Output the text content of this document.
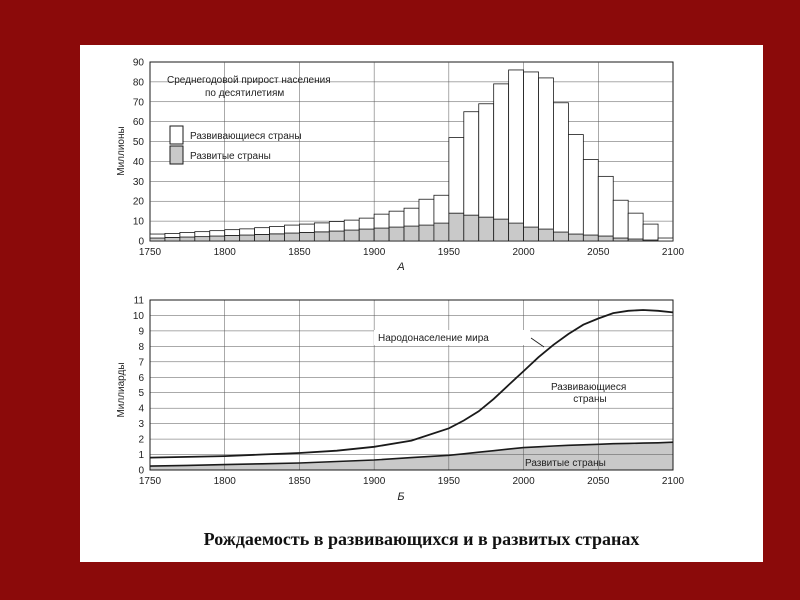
0
10
20
30
40
50
60
70
80
90
1750	1800	1850	1900	1950	2000	2050	2100
Миллионы
Среднегодовой прирост населения
по десятилетиям
Развивающиеся страны
Развитые страны
А
0
1
2
3
4
5
6
7
8
9
10
11
1750	1800	1850	1900	1950	2000	2050	2100
Миллиарды
Народонаселение мира
Развивающиеся страны
Развитые страны
Б
Рождаемость в развивающихся и в развитых странах
